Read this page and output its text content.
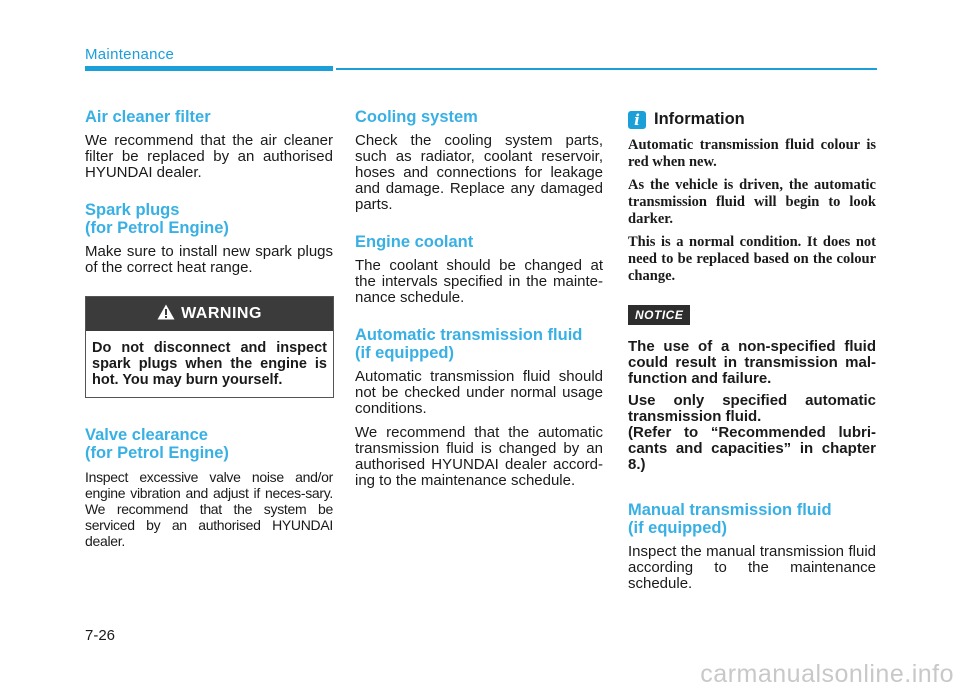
Maintenance
Air cleaner filter

We recommend that the air cleaner filter be replaced by an authorised HYUNDAI dealer.

Spark plugs
(for Petrol Engine)

Make sure to install new spark plugs of the correct heat range.

WARNING
Do not disconnect and inspect spark plugs when the engine is hot. You may burn yourself.
Valve clearance
(for Petrol Engine)

Inspect excessive valve noise and/or engine vibration and adjust if neces-sary. We recommend that the system be serviced by an authorised HYUNDAI dealer.

Cooling system

Check the cooling system parts, such as radiator, coolant reservoir, hoses and connections for leakage and damage. Replace any damaged parts.

Engine coolant

The coolant should be changed at the intervals specified in the mainte-nance schedule.

Automatic transmission fluid
(if equipped)

Automatic transmission fluid should not be checked under normal usage conditions.

We recommend that the automatic transmission fluid is changed by an authorised HYUNDAI dealer accord-ing to the maintenance schedule.

i Information

Automatic transmission fluid colour is red when new.

As the vehicle is driven, the automatic transmission fluid will begin to look darker.

This is a normal condition. It does not need to be replaced based on the colour change.

NOTICE

The use of a non-specified fluid could result in transmission mal-function and failure.

Use only specified automatic transmission fluid.

(Refer to “Recommended lubri-cants and capacities” in chapter 8.)

Manual transmission fluid
(if equipped)

Inspect the manual transmission fluid according to the maintenance schedule.

7-26
carmanualsonline.info
